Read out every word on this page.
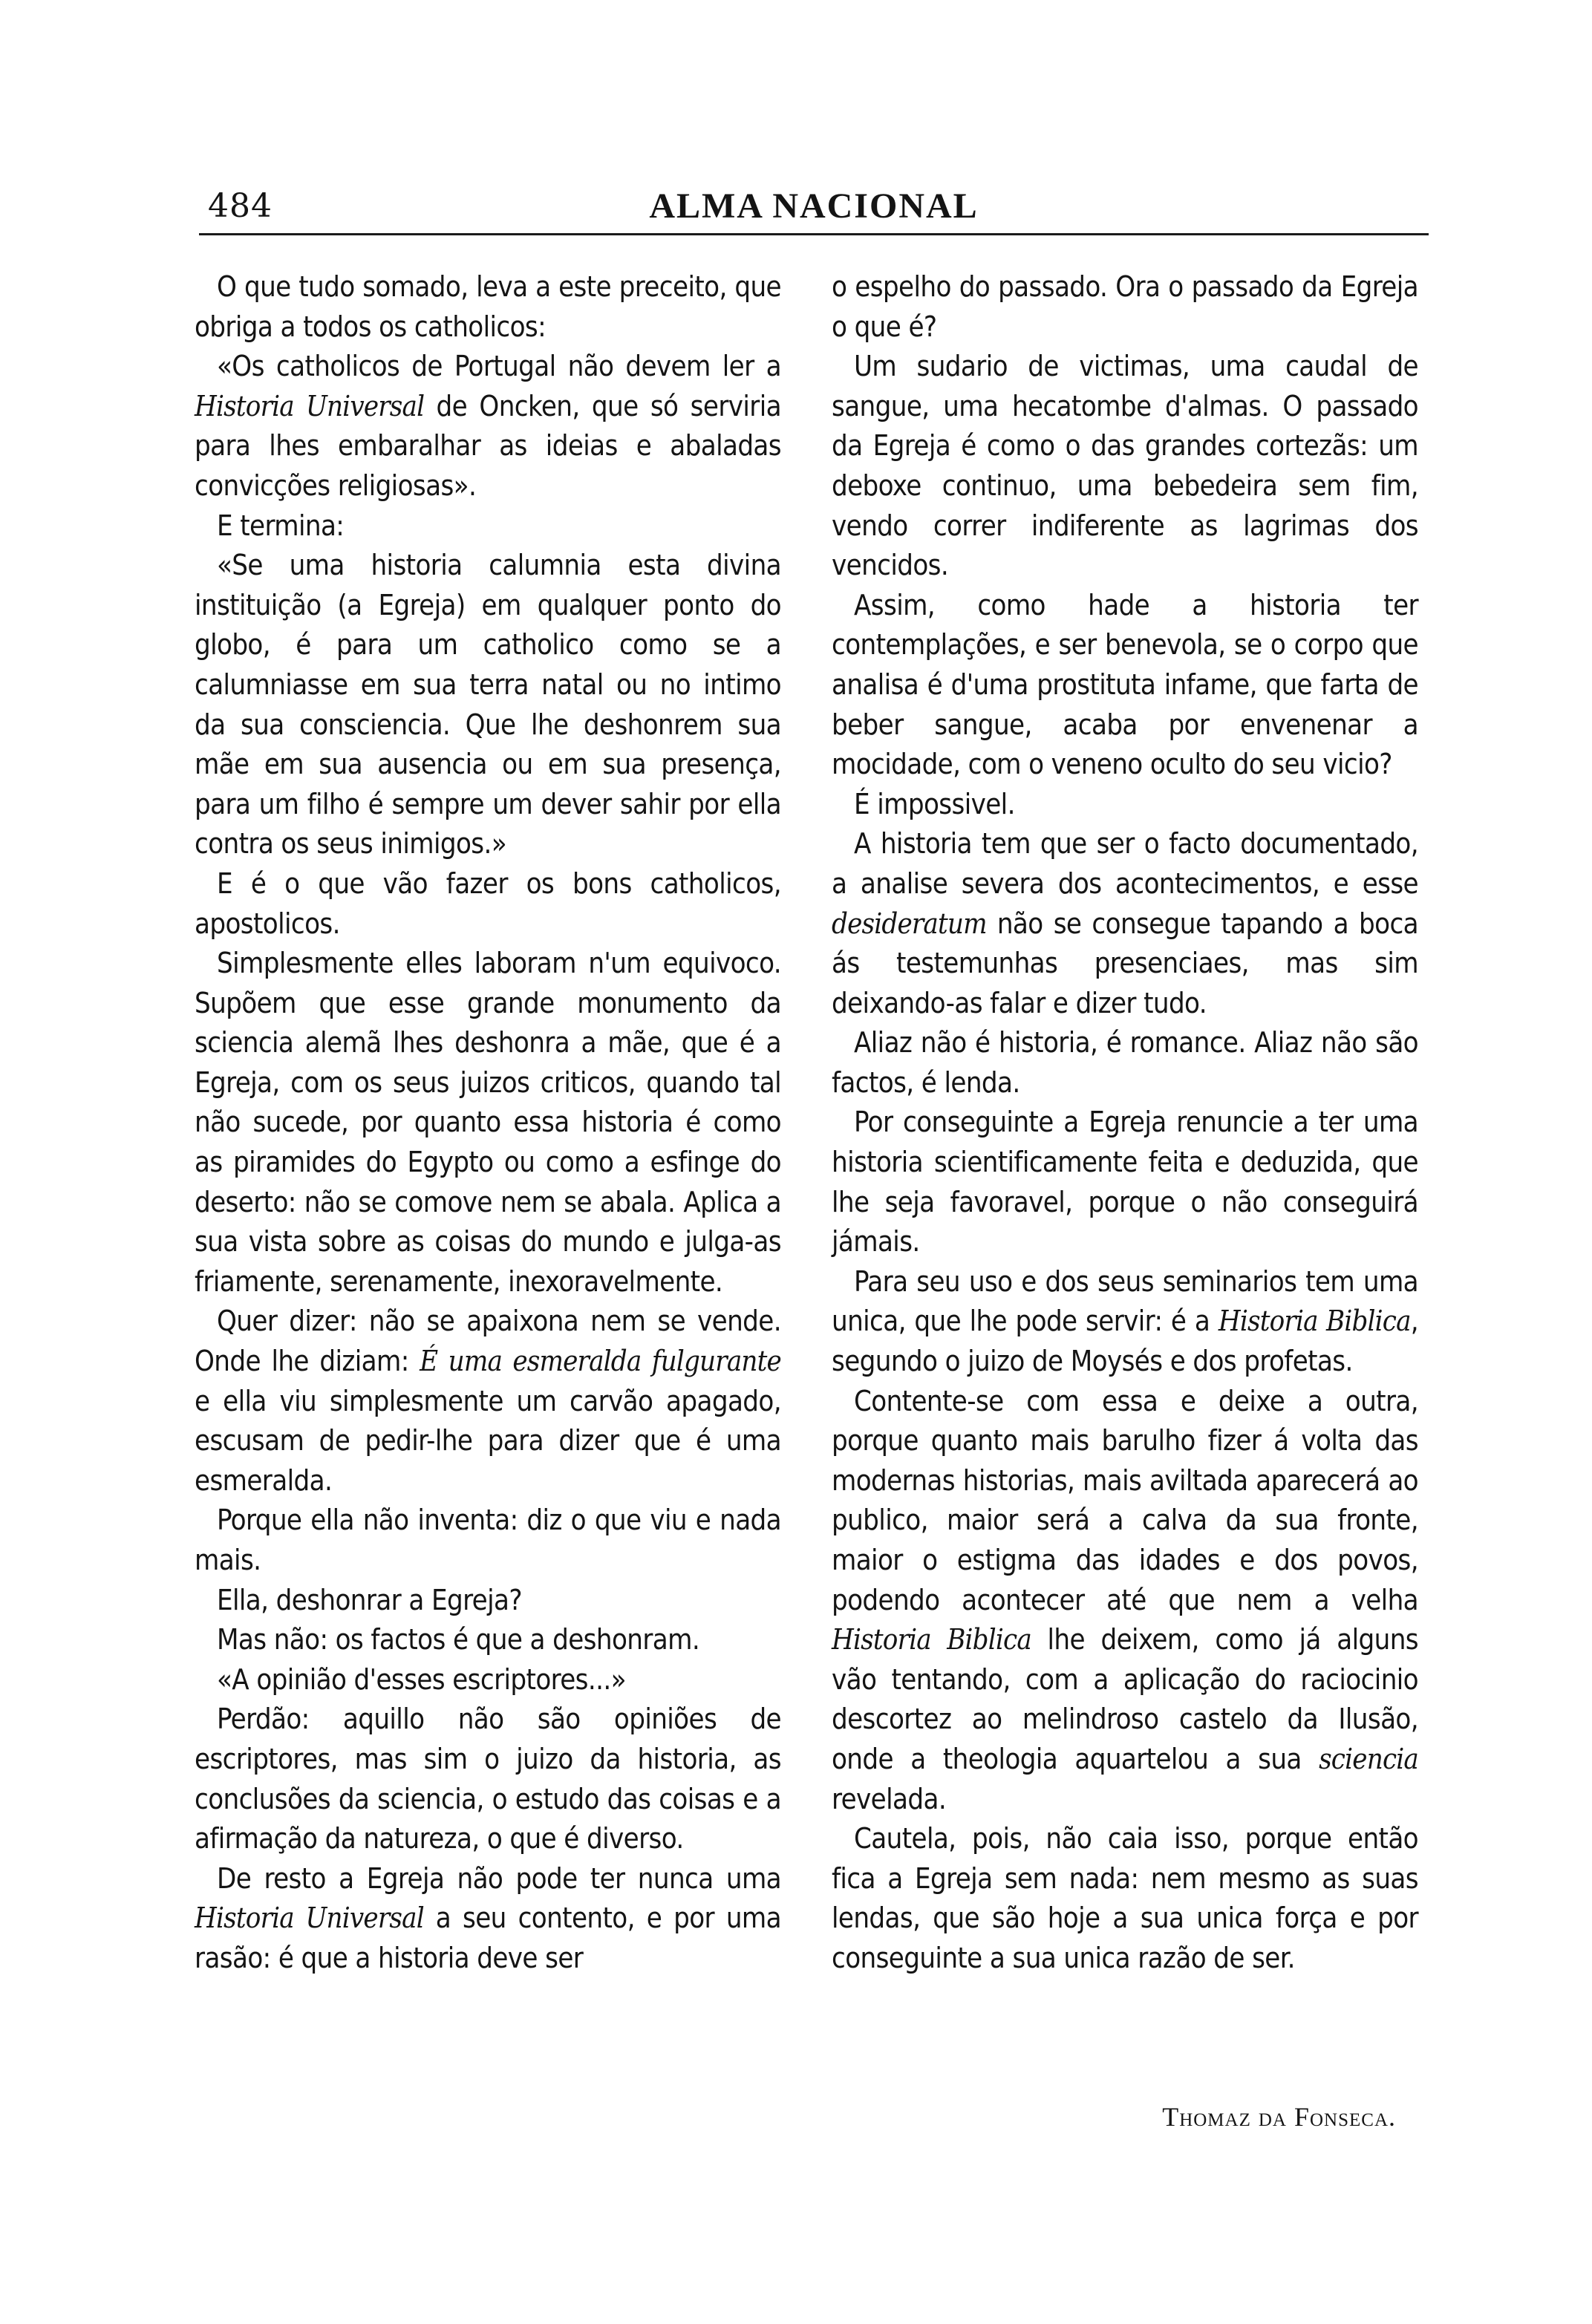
484	ALMA NACIONAL

O que tudo somado, leva a este preceito, que obriga a todos os catholicos:

«Os catholicos de Portugal não devem ler a Historia Universal de Oncken, que só serviria para lhes embaralhar as ideias e abaladas convicções religiosas».

E termina:

«Se uma historia calumnia esta divina instituição (a Egreja) em qualquer ponto do globo, é para um catholico como se a calumniasse em sua terra natal ou no intimo da sua consciencia. Que lhe deshonrem sua mãe em sua ausencia ou em sua presença, para um filho é sempre um dever sahir por ella contra os seus inimigos.»

E é o que vão fazer os bons catholicos, apostolicos.

Simplesmente elles laboram n'um equivoco. Supõem que esse grande monumento da sciencia alemã lhes deshonra a mãe, que é a Egreja, com os seus juizos criticos, quando tal não sucede, por quanto essa historia é como as piramides do Egypto ou como a esfinge do deserto: não se comove nem se abala. Aplica a sua vista sobre as coisas do mundo e julga-as friamente, serenamente, inexoravelmente.

Quer dizer: não se apaixona nem se vende. Onde lhe diziam: É uma esmeralda fulgurante e ella viu simplesmente um carvão apagado, escusam de pedir-lhe para dizer que é uma esmeralda.

Porque ella não inventa: diz o que viu e nada mais.

Ella, deshonrar a Egreja?

Mas não: os factos é que a deshonram.

«A opinião d'esses escriptores...»

Perdão: aquillo não são opiniões de escriptores, mas sim o juizo da historia, as conclusões da sciencia, o estudo das coisas e a afirmação da natureza, o que é diverso.

De resto a Egreja não pode ter nunca uma Historia Universal a seu contento, e por uma rasão: é que a historia deve ser

o espelho do passado. Ora o passado da Egreja o que é?

Um sudario de victimas, uma caudal de sangue, uma hecatombe d'almas. O passado da Egreja é como o das grandes cortezãs: um deboxe continuo, uma bebedeira sem fim, vendo correr indiferente as lagrimas dos vencidos.

Assim, como hade a historia ter contemplações, e ser benevola, se o corpo que analisa é d'uma prostituta infame, que farta de beber sangue, acaba por envenenar a mocidade, com o veneno oculto do seu vicio?

É impossivel.

A historia tem que ser o facto documentado, a analise severa dos acontecimentos, e esse desideratum não se consegue tapando a boca ás testemunhas presenciaes, mas sim deixando-as falar e dizer tudo.

Aliaz não é historia, é romance. Aliaz não são factos, é lenda.

Por conseguinte a Egreja renuncie a ter uma historia scientificamente feita e deduzida, que lhe seja favoravel, porque o não conseguirá jámais.

Para seu uso e dos seus seminarios tem uma unica, que lhe pode servir: é a Historia Biblica, segundo o juizo de Moysés e dos profetas.

Contente-se com essa e deixe a outra, porque quanto mais barulho fizer á volta das modernas historias, mais aviltada aparecerá ao publico, maior será a calva da sua fronte, maior o estigma das idades e dos povos, podendo acontecer até que nem a velha Historia Biblica lhe deixem, como já alguns vão tentando, com a aplicação do raciocinio descortez ao melindroso castelo da Ilusão, onde a theologia aquartelou a sua sciencia revelada.

Cautela, pois, não caia isso, porque então fica a Egreja sem nada: nem mesmo as suas lendas, que são hoje a sua unica força e por conseguinte a sua unica razão de ser.

Thomaz da Fonseca.
